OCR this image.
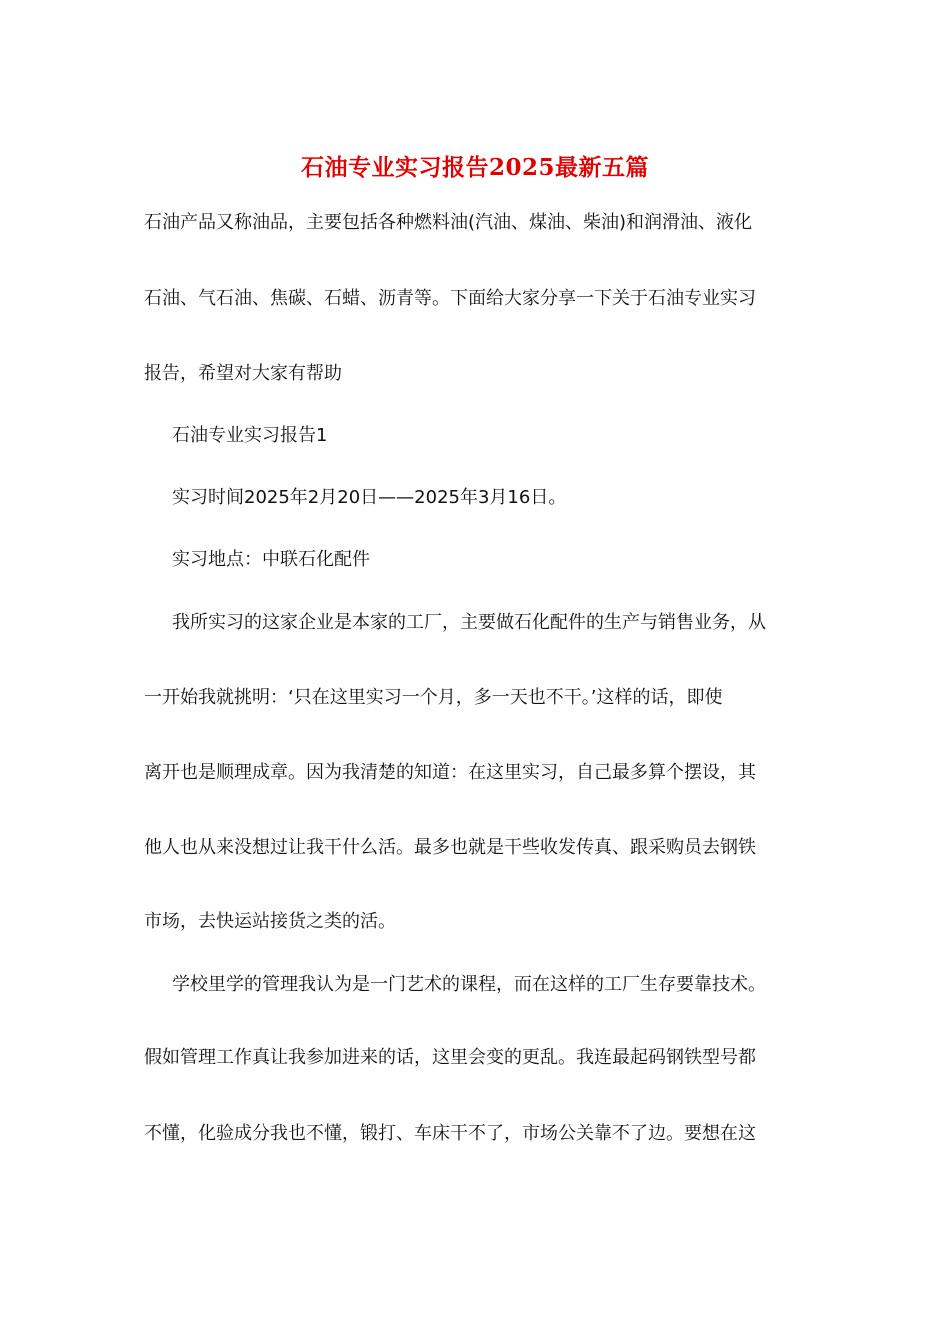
石油专业实习报告2025最新五篇
石油产品又称油品，主要包括各种燃料油(汽油、煤油、柴油)和润滑油、液化
石油、气石油、焦碳、石蜡、沥青等。下面给大家分享一下关于石油专业实习
报告，希望对大家有帮助
石油专业实习报告1
实习时间2025年2月20日——2025年3月16日。
实习地点：中联石化配件
我所实习的这家企业是本家的工厂，主要做石化配件的生产与销售业务，从
一开始我就挑明：‘只在这里实习一个月，多一天也不干。’这样的话，即使
离开也是顺理成章。因为我清楚的知道：在这里实习，自己最多算个摆设，其
他人也从来没想过让我干什么活。最多也就是干些收发传真、跟采购员去钢铁
市场，去快运站接货之类的活。
学校里学的管理我认为是一门艺术的课程，而在这样的工厂生存要靠技术。
假如管理工作真让我参加进来的话，这里会变的更乱。我连最起码钢铁型号都
不懂，化验成分我也不懂，锻打、车床干不了，市场公关靠不了边。要想在这
